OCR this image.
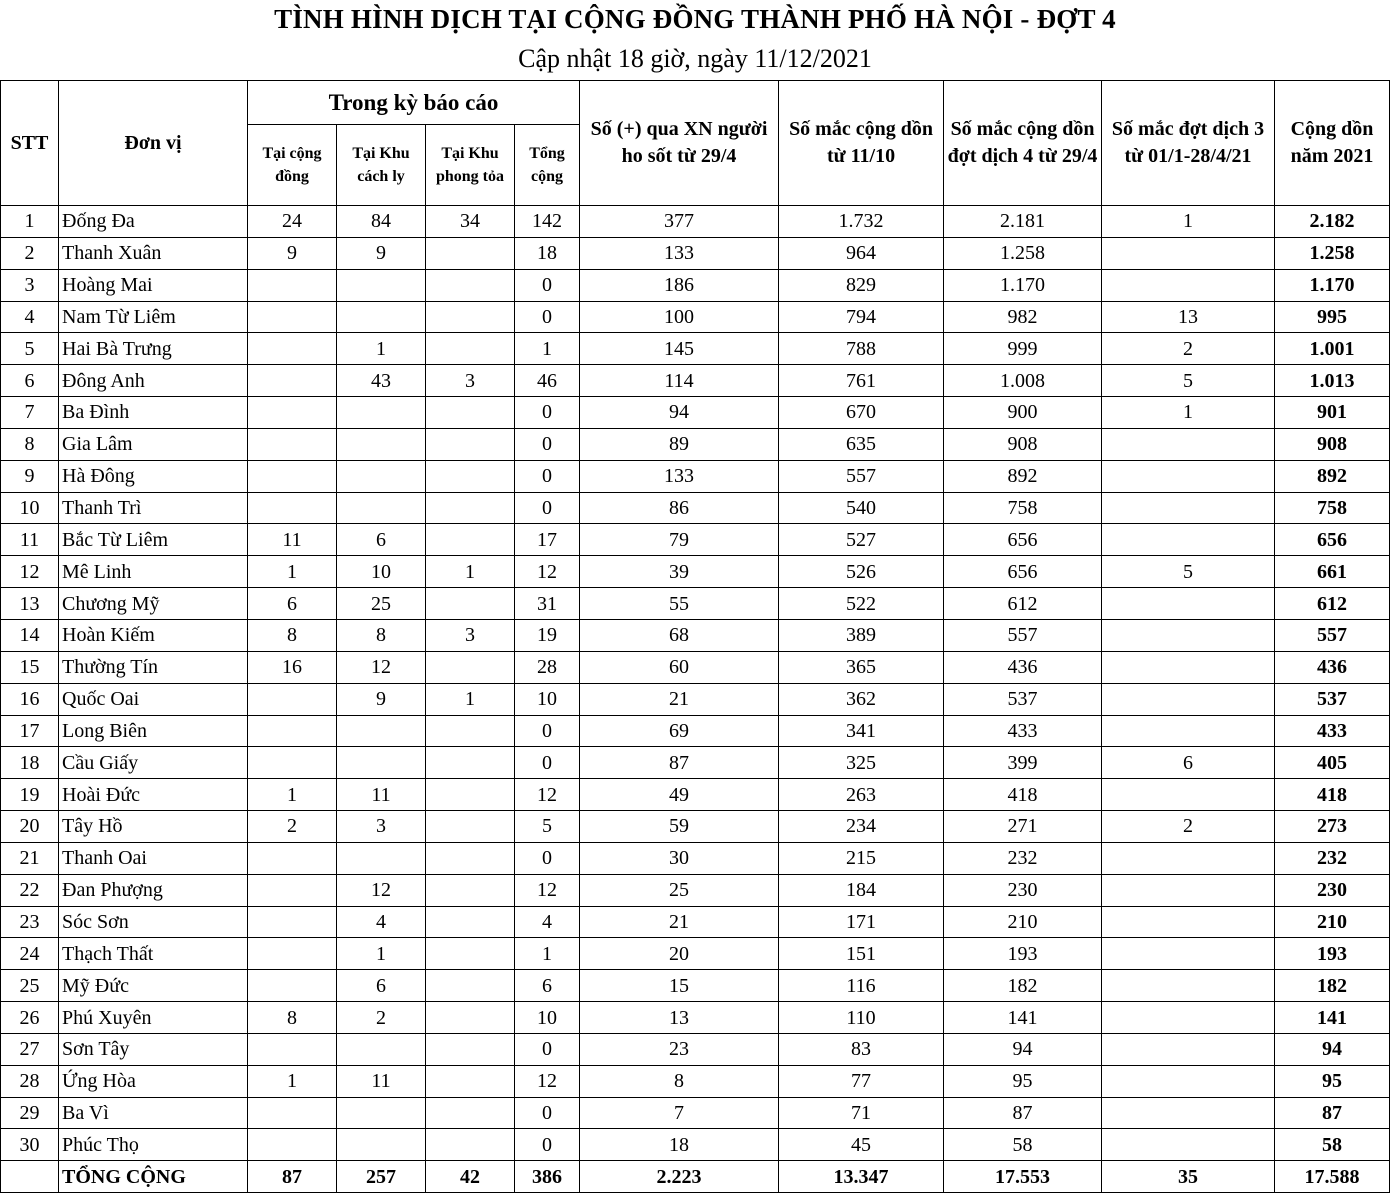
TÌNH HÌNH DỊCH TẠI CỘNG ĐỒNG THÀNH PHỐ HÀ NỘI - ĐỢT 4
Cập nhật 18 giờ, ngày 11/12/2021
STT	Đơn vị	Trong kỳ báo cáo				Số (+) qua XN người ho sốt từ 29/4	Số mắc cộng dồn từ 11/10	Số mắc cộng dồn đợt dịch 4 từ 29/4	Số mắc đợt dịch 3 từ 01/1-28/4/21	Cộng dồn năm 2021
		Tại cộng đồng	Tại Khu cách ly	Tại Khu phong tỏa	Tổng cộng					
1	Đống Đa	24	84	34	142	377	1.732	2.181	1	2.182
2	Thanh Xuân	9	9		18	133	964	1.258		1.258
3	Hoàng Mai				0	186	829	1.170		1.170
4	Nam Từ Liêm				0	100	794	982	13	995
5	Hai Bà Trưng		1		1	145	788	999	2	1.001
6	Đông Anh		43	3	46	114	761	1.008	5	1.013
7	Ba Đình				0	94	670	900	1	901
8	Gia Lâm				0	89	635	908		908
9	Hà Đông				0	133	557	892		892
10	Thanh Trì				0	86	540	758		758
11	Bắc Từ Liêm	11	6		17	79	527	656		656
12	Mê Linh	1	10	1	12	39	526	656	5	661
13	Chương Mỹ	6	25		31	55	522	612		612
14	Hoàn Kiếm	8	8	3	19	68	389	557		557
15	Thường Tín	16	12		28	60	365	436		436
16	Quốc Oai		9	1	10	21	362	537		537
17	Long Biên				0	69	341	433		433
18	Cầu Giấy				0	87	325	399	6	405
19	Hoài Đức	1	11		12	49	263	418		418
20	Tây Hồ	2	3		5	59	234	271	2	273
21	Thanh Oai				0	30	215	232		232
22	Đan Phượng		12		12	25	184	230		230
23	Sóc Sơn		4		4	21	171	210		210
24	Thạch Thất		1		1	20	151	193		193
25	Mỹ Đức		6		6	15	116	182		182
26	Phú Xuyên	8	2		10	13	110	141		141
27	Sơn Tây				0	23	83	94		94
28	Ứng Hòa	1	11		12	8	77	95		95
29	Ba Vì				0	7	71	87		87
30	Phúc Thọ				0	18	45	58		58
	TỔNG CỘNG	87	257	42	386	2.223	13.347	17.553	35	17.588
